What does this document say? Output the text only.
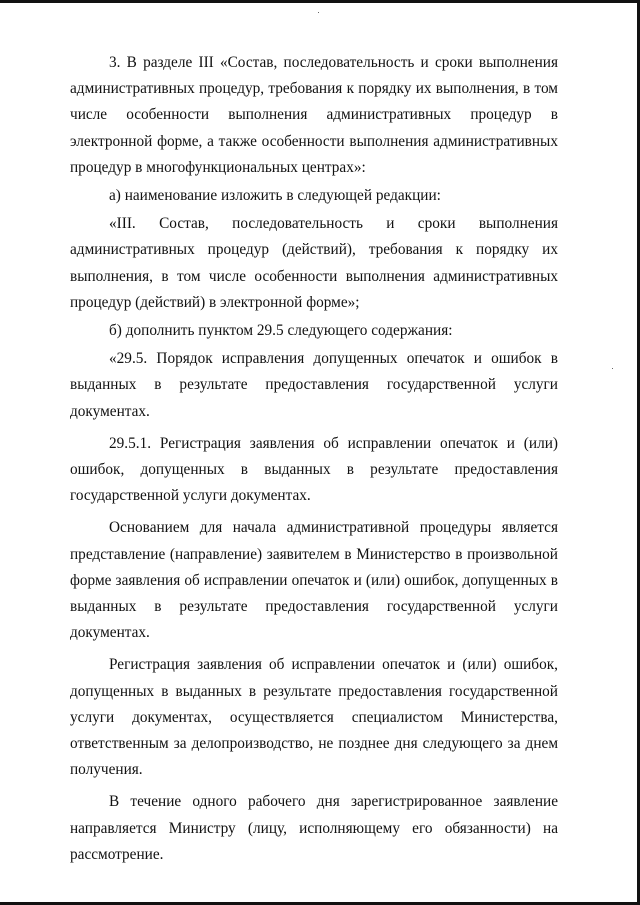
3. В разделе III «Состав, последовательность и сроки выполнения административных процедур, требования к порядку их выполнения, в том числе особенности выполнения административных процедур в электронной форме, а также особенности выполнения административных процедур в многофункциональных центрах»:

а) наименование изложить в следующей редакции:

«III. Состав, последовательность и сроки выполнения административных процедур (действий), требования к порядку их выполнения, в том числе особенности выполнения административных процедур (действий) в электронной форме»;

б) дополнить пунктом 29.5 следующего содержания:

«29.5. Порядок исправления допущенных опечаток и ошибок в выданных в результате предоставления государственной услуги документах.

29.5.1. Регистрация заявления об исправлении опечаток и (или) ошибок, допущенных в выданных в результате предоставления государственной услуги документах.

Основанием для начала административной процедуры является представление (направление) заявителем в Министерство в произвольной форме заявления об исправлении опечаток и (или) ошибок, допущенных в выданных в результате предоставления государственной услуги документах.

Регистрация заявления об исправлении опечаток и (или) ошибок, допущенных в выданных в результате предоставления государственной услуги документах, осуществляется специалистом Министерства, ответственным за делопроизводство, не позднее дня следующего за днем получения.

В течение одного рабочего дня зарегистрированное заявление направляется Министру (лицу, исполняющему его обязанности) на рассмотрение.
